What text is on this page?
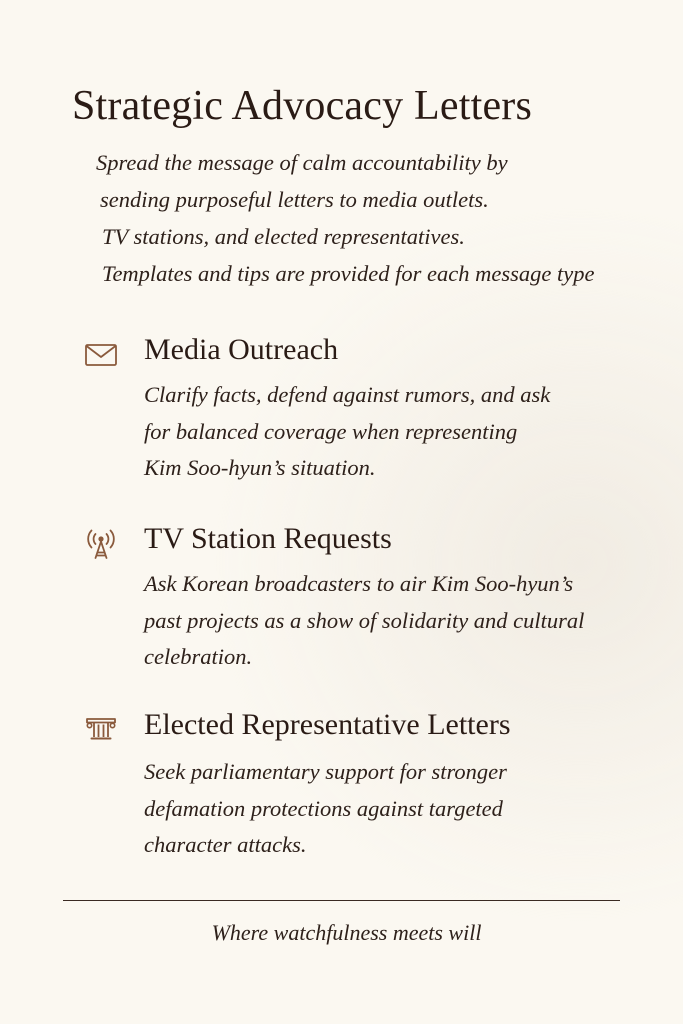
Strategic Advocacy Letters
Spread the message of calm accountability by
sending purposeful letters to media outlets.
TV stations, and elected representatives.
Templates and tips are provided for each message type
Media Outreach
Clarify facts, defend against rumors, and ask
for balanced coverage when representing
Kim Soo-hyun’s situation.
TV Station Requests
Ask Korean broadcasters to air Kim Soo-hyun’s
past projects as a show of solidarity and cultural
celebration.
Elected Representative Letters
Seek parliamentary support for stronger
defamation protections against targeted
character attacks.
Where watchfulness meets will
